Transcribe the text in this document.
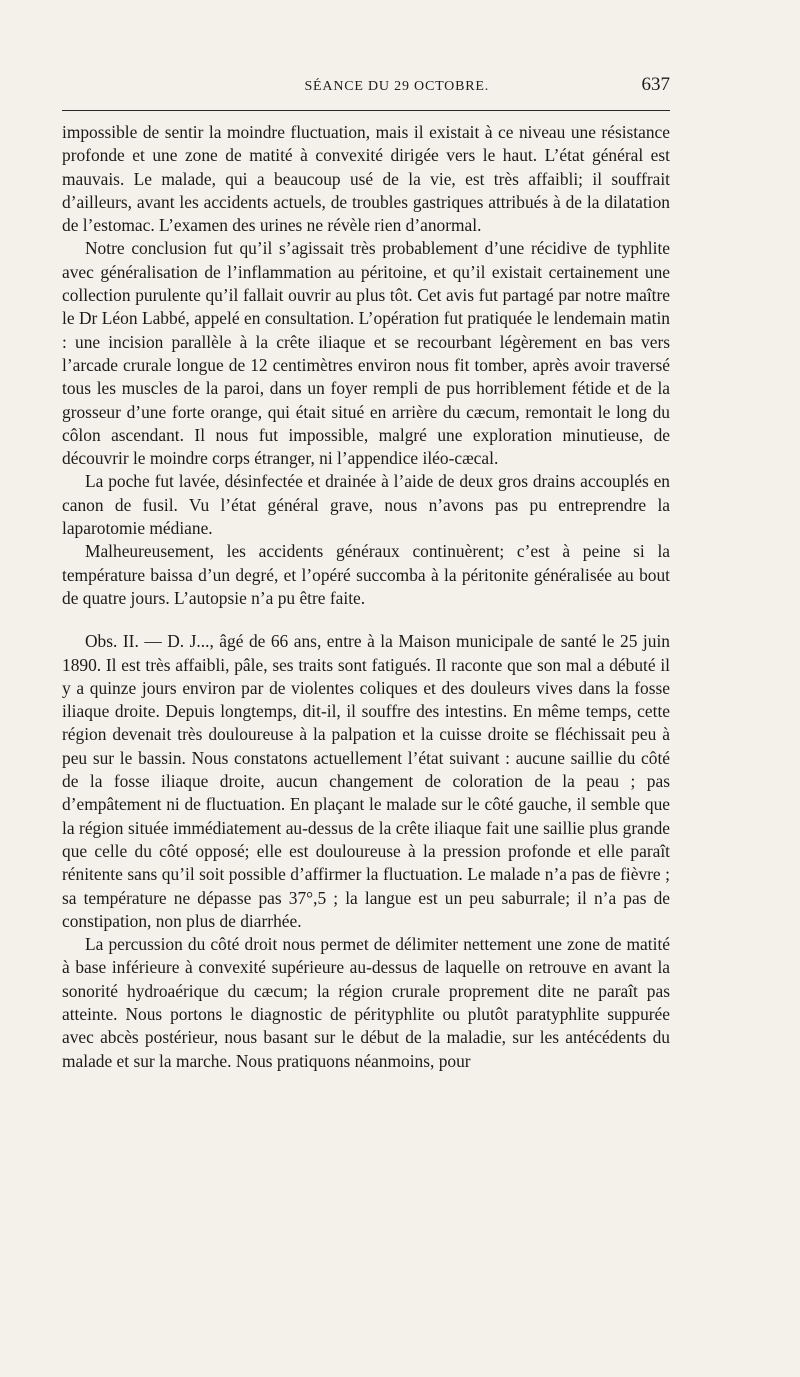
SÉANCE DU 29 OCTOBRE.	637

impossible de sentir la moindre fluctuation, mais il existait à ce niveau une résistance profonde et une zone de matité à convexité dirigée vers le haut. L’état général est mauvais. Le malade, qui a beaucoup usé de la vie, est très affaibli; il souffrait d’ailleurs, avant les accidents actuels, de troubles gastriques attribués à de la dilatation de l’estomac. L’examen des urines ne révèle rien d’anormal.

Notre conclusion fut qu’il s’agissait très probablement d’une récidive de typhlite avec généralisation de l’inflammation au péritoine, et qu’il existait certainement une collection purulente qu’il fallait ouvrir au plus tôt. Cet avis fut partagé par notre maître le Dr Léon Labbé, appelé en consultation. L’opération fut pratiquée le lendemain matin : une incision parallèle à la crête iliaque et se recourbant légèrement en bas vers l’arcade crurale longue de 12 centimètres environ nous fit tomber, après avoir traversé tous les muscles de la paroi, dans un foyer rempli de pus horriblement fétide et de la grosseur d’une forte orange, qui était situé en arrière du cæcum, remontait le long du côlon ascendant. Il nous fut impossible, malgré une exploration minutieuse, de découvrir le moindre corps étranger, ni l’appendice iléo-cæcal.

La poche fut lavée, désinfectée et drainée à l’aide de deux gros drains accouplés en canon de fusil. Vu l’état général grave, nous n’avons pas pu entreprendre la laparotomie médiane.

Malheureusement, les accidents généraux continuèrent; c’est à peine si la température baissa d’un degré, et l’opéré succomba à la péritonite généralisée au bout de quatre jours. L’autopsie n’a pu être faite.

Obs. II. — D. J..., âgé de 66 ans, entre à la Maison municipale de santé le 25 juin 1890. Il est très affaibli, pâle, ses traits sont fatigués. Il raconte que son mal a débuté il y a quinze jours environ par de violentes coliques et des douleurs vives dans la fosse iliaque droite. Depuis longtemps, dit-il, il souffre des intestins. En même temps, cette région devenait très douloureuse à la palpation et la cuisse droite se fléchissait peu à peu sur le bassin. Nous constatons actuellement l’état suivant : aucune saillie du côté de la fosse iliaque droite, aucun changement de coloration de la peau ; pas d’empâtement ni de fluctuation. En plaçant le malade sur le côté gauche, il semble que la région située immédiatement au-dessus de la crête iliaque fait une saillie plus grande que celle du côté opposé; elle est douloureuse à la pression profonde et elle paraît rénitente sans qu’il soit possible d’affirmer la fluctuation. Le malade n’a pas de fièvre ; sa température ne dépasse pas 37°,5 ; la langue est un peu saburrale; il n’a pas de constipation, non plus de diarrhée.

La percussion du côté droit nous permet de délimiter nettement une zone de matité à base inférieure à convexité supérieure au-dessus de laquelle on retrouve en avant la sonorité hydroaérique du cæcum; la région crurale proprement dite ne paraît pas atteinte. Nous portons le diagnostic de pérityphlite ou plutôt paratyphlite suppurée avec abcès postérieur, nous basant sur le début de la maladie, sur les antécédents du malade et sur la marche. Nous pratiquons néanmoins, pour
